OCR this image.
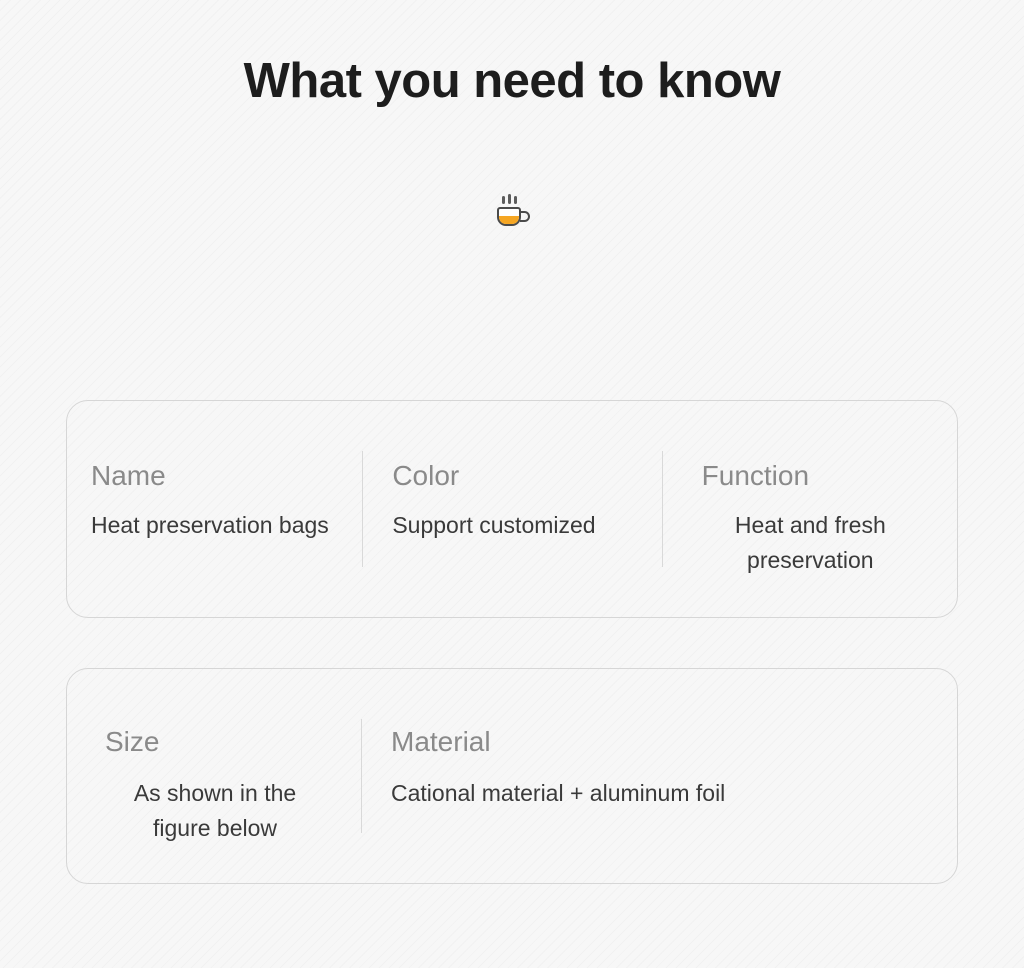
What you need to know
Name
Heat preservation bags
Color
Support customized
Function
Heat and fresh preservation
Size
As shown in the figure below
Material
Cational material + aluminum foil
